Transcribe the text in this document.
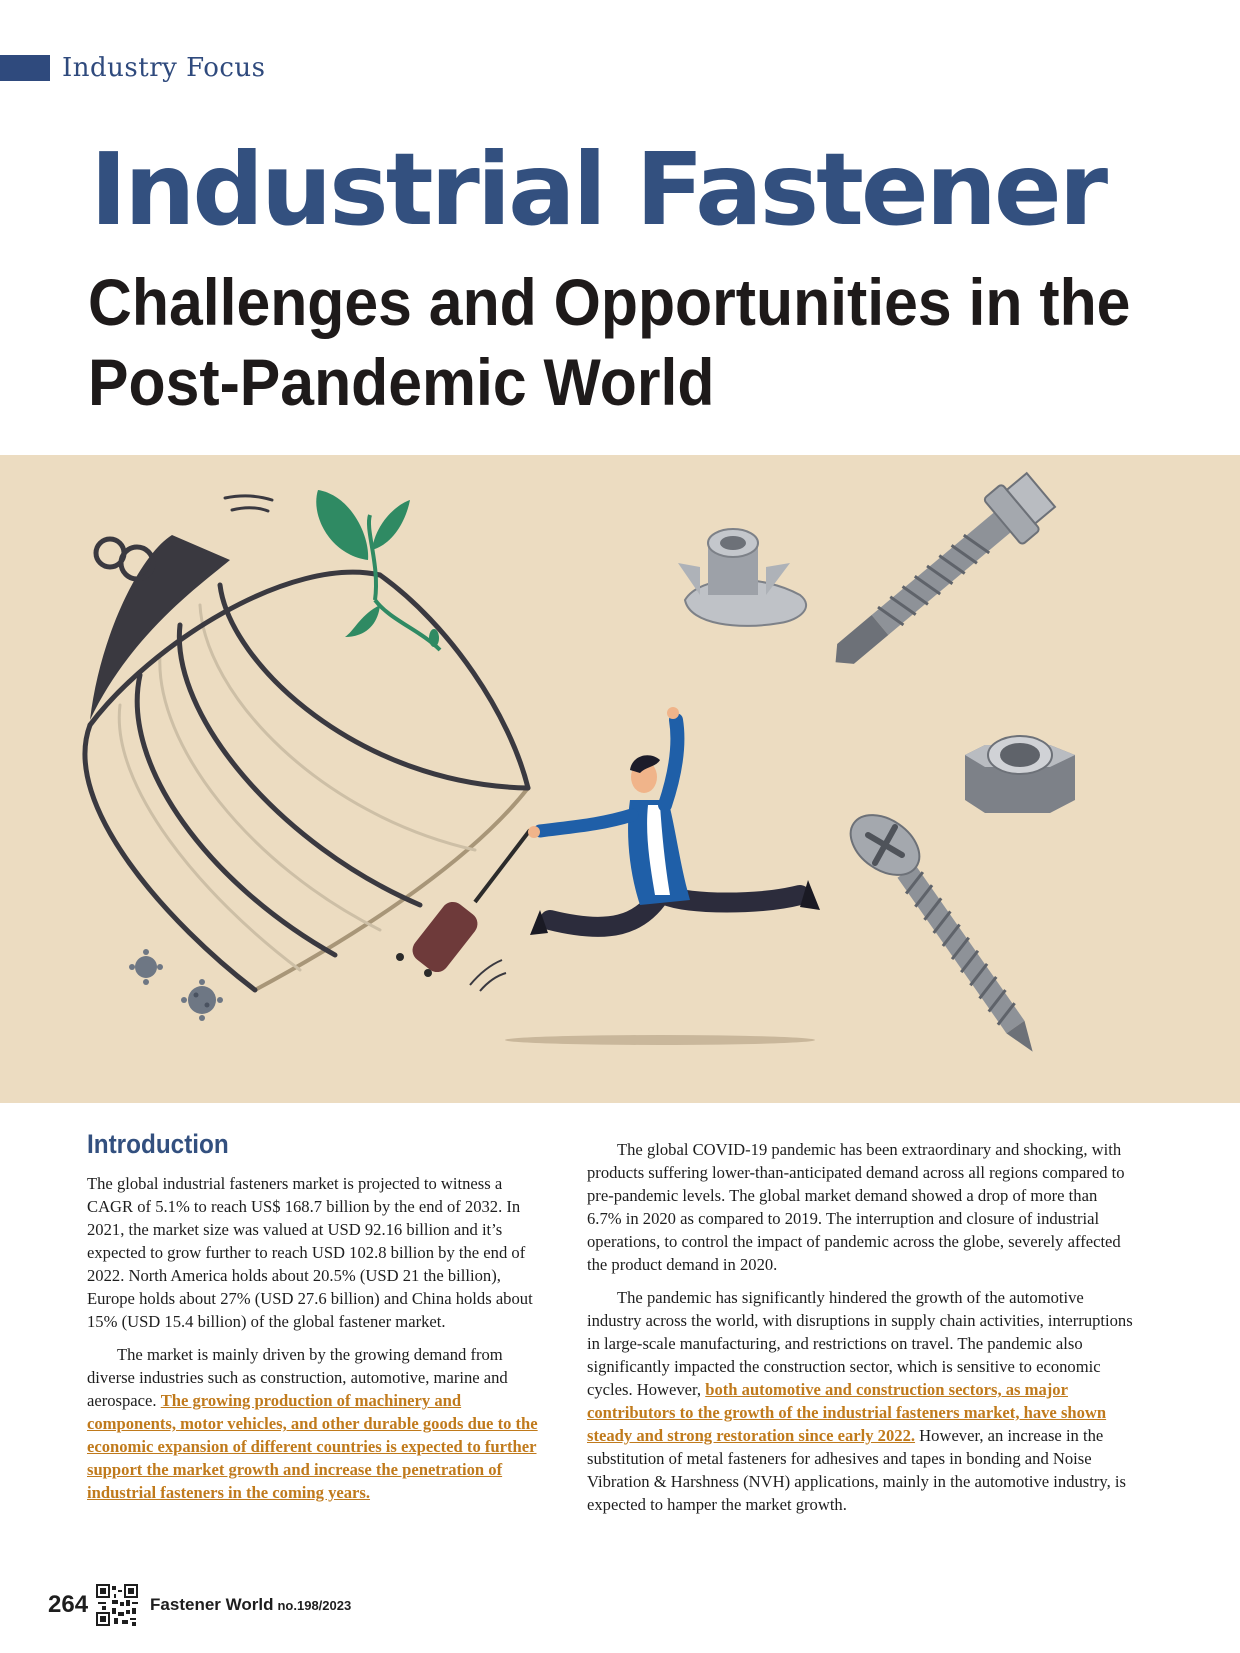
Industry Focus
Industrial Fastener
Challenges and Opportunities in the
Post-Pandemic World
Introduction

The global industrial fasteners market is projected to witness a CAGR of 5.1% to reach US$ 168.7 billion by the end of 2032. In 2021, the market size was valued at USD 92.16 billion and it’s expected to grow further to reach USD 102.8 billion by the end of 2022. North America holds about 20.5% (USD 21 the billion), Europe holds about 27% (USD 27.6 billion) and China holds about 15% (USD 15.4 billion) of the global fastener market.

The market is mainly driven by the growing demand from diverse industries such as construction, automotive, marine and aerospace. The growing production of machinery and components, motor vehicles, and other durable goods due to the economic expansion of different countries is expected to further support the market growth and increase the penetration of industrial fasteners in the coming years.

The global COVID-19 pandemic has been extraordinary and shocking, with products suffering lower-than-anticipated demand across all regions compared to pre-pandemic levels. The global market demand showed a drop of more than 6.7% in 2020 as compared to 2019. The interruption and closure of industrial operations, to control the impact of pandemic across the globe, severely affected the product demand in 2020.

The pandemic has significantly hindered the growth of the automotive industry across the world, with disruptions in supply chain activities, interruptions in large-scale manufacturing, and restrictions on travel. The pandemic also significantly impacted the construction sector, which is sensitive to economic cycles. However, both automotive and construction sectors, as major contributors to the growth of the industrial fasteners market, have shown steady and strong restoration since early 2022. However, an increase in the substitution of metal fasteners for adhesives and tapes in bonding and Noise Vibration & Harshness (NVH) applications, mainly in the automotive industry, is expected to hamper the market growth.

264	Fastener World no.198/2023
